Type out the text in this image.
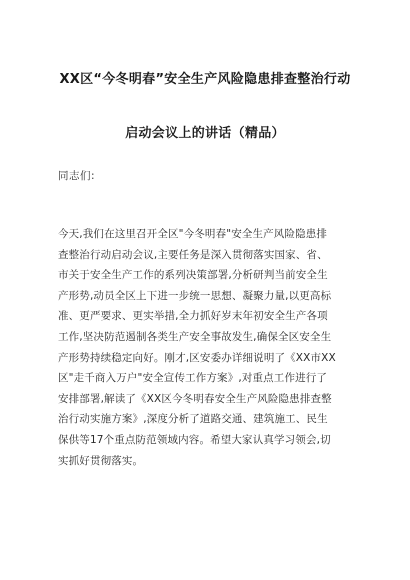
XX区“今冬明春”安全生产风险隐患排查整治行动
启动会议上的讲话（精品）
同志们:
今天,我们在这里召开全区"今冬明春"安全生产风险隐患排
查整治行动启动会议,主要任务是深入贯彻落实国家、省、
市关于安全生产工作的系列决策部署,分析研判当前安全生
产形势,动员全区上下进一步统一思想、凝聚力量,以更高标
准、更严要求、更实举措,全力抓好岁末年初安全生产各项
工作,坚决防范遏制各类生产安全事故发生,确保全区安全生
产形势持续稳定向好。刚才,区安委办详细说明了《XX市XX
区"走千商入万户"安全宣传工作方案》,对重点工作进行了
安排部署,解读了《XX区今冬明春安全生产风险隐患排查整
治行动实施方案》,深度分析了道路交通、建筑施工、民生
保供等17个重点防范领域内容。希望大家认真学习领会,切
实抓好贯彻落实。
